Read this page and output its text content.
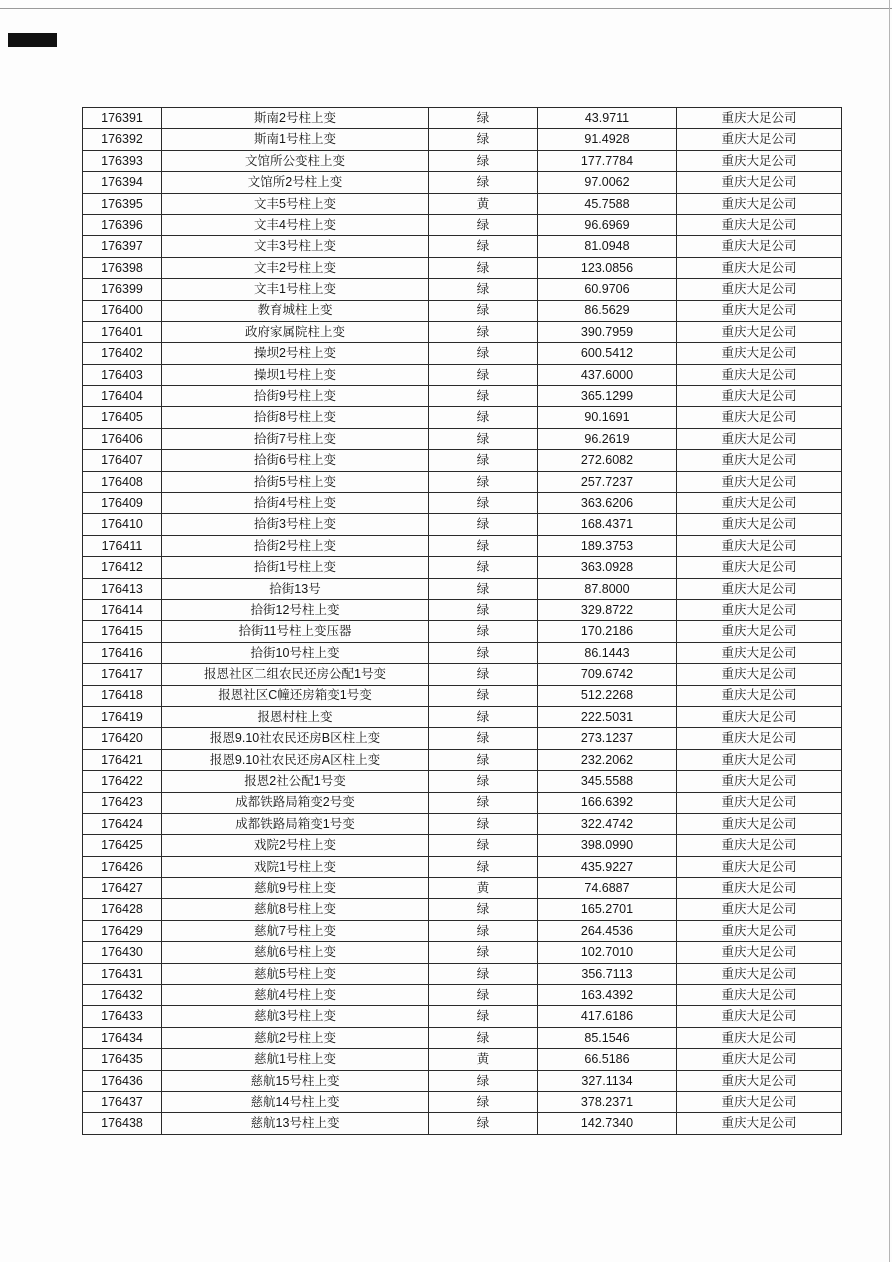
176391	斯南2号柱上变	绿	43.9711	重庆大足公司
176392	斯南1号柱上变	绿	91.4928	重庆大足公司
176393	文馆所公变柱上变	绿	177.7784	重庆大足公司
176394	文馆所2号柱上变	绿	97.0062	重庆大足公司
176395	文丰5号柱上变	黄	45.7588	重庆大足公司
176396	文丰4号柱上变	绿	96.6969	重庆大足公司
176397	文丰3号柱上变	绿	81.0948	重庆大足公司
176398	文丰2号柱上变	绿	123.0856	重庆大足公司
176399	文丰1号柱上变	绿	60.9706	重庆大足公司
176400	教育城柱上变	绿	86.5629	重庆大足公司
176401	政府家属院柱上变	绿	390.7959	重庆大足公司
176402	操坝2号柱上变	绿	600.5412	重庆大足公司
176403	操坝1号柱上变	绿	437.6000	重庆大足公司
176404	拾街9号柱上变	绿	365.1299	重庆大足公司
176405	拾街8号柱上变	绿	90.1691	重庆大足公司
176406	拾街7号柱上变	绿	96.2619	重庆大足公司
176407	拾街6号柱上变	绿	272.6082	重庆大足公司
176408	拾街5号柱上变	绿	257.7237	重庆大足公司
176409	拾街4号柱上变	绿	363.6206	重庆大足公司
176410	拾街3号柱上变	绿	168.4371	重庆大足公司
176411	拾街2号柱上变	绿	189.3753	重庆大足公司
176412	拾街1号柱上变	绿	363.0928	重庆大足公司
176413	拾街13号	绿	87.8000	重庆大足公司
176414	拾街12号柱上变	绿	329.8722	重庆大足公司
176415	拾街11号柱上变压器	绿	170.2186	重庆大足公司
176416	拾街10号柱上变	绿	86.1443	重庆大足公司
176417	报恩社区二组农民还房公配1号变	绿	709.6742	重庆大足公司
176418	报恩社区C幢还房箱变1号变	绿	512.2268	重庆大足公司
176419	报恩村柱上变	绿	222.5031	重庆大足公司
176420	报恩9.10社农民还房B区柱上变	绿	273.1237	重庆大足公司
176421	报恩9.10社农民还房A区柱上变	绿	232.2062	重庆大足公司
176422	报恩2社公配1号变	绿	345.5588	重庆大足公司
176423	成都铁路局箱变2号变	绿	166.6392	重庆大足公司
176424	成都铁路局箱变1号变	绿	322.4742	重庆大足公司
176425	戏院2号柱上变	绿	398.0990	重庆大足公司
176426	戏院1号柱上变	绿	435.9227	重庆大足公司
176427	慈航9号柱上变	黄	74.6887	重庆大足公司
176428	慈航8号柱上变	绿	165.2701	重庆大足公司
176429	慈航7号柱上变	绿	264.4536	重庆大足公司
176430	慈航6号柱上变	绿	102.7010	重庆大足公司
176431	慈航5号柱上变	绿	356.7113	重庆大足公司
176432	慈航4号柱上变	绿	163.4392	重庆大足公司
176433	慈航3号柱上变	绿	417.6186	重庆大足公司
176434	慈航2号柱上变	绿	85.1546	重庆大足公司
176435	慈航1号柱上变	黄	66.5186	重庆大足公司
176436	慈航15号柱上变	绿	327.1134	重庆大足公司
176437	慈航14号柱上变	绿	378.2371	重庆大足公司
176438	慈航13号柱上变	绿	142.7340	重庆大足公司
